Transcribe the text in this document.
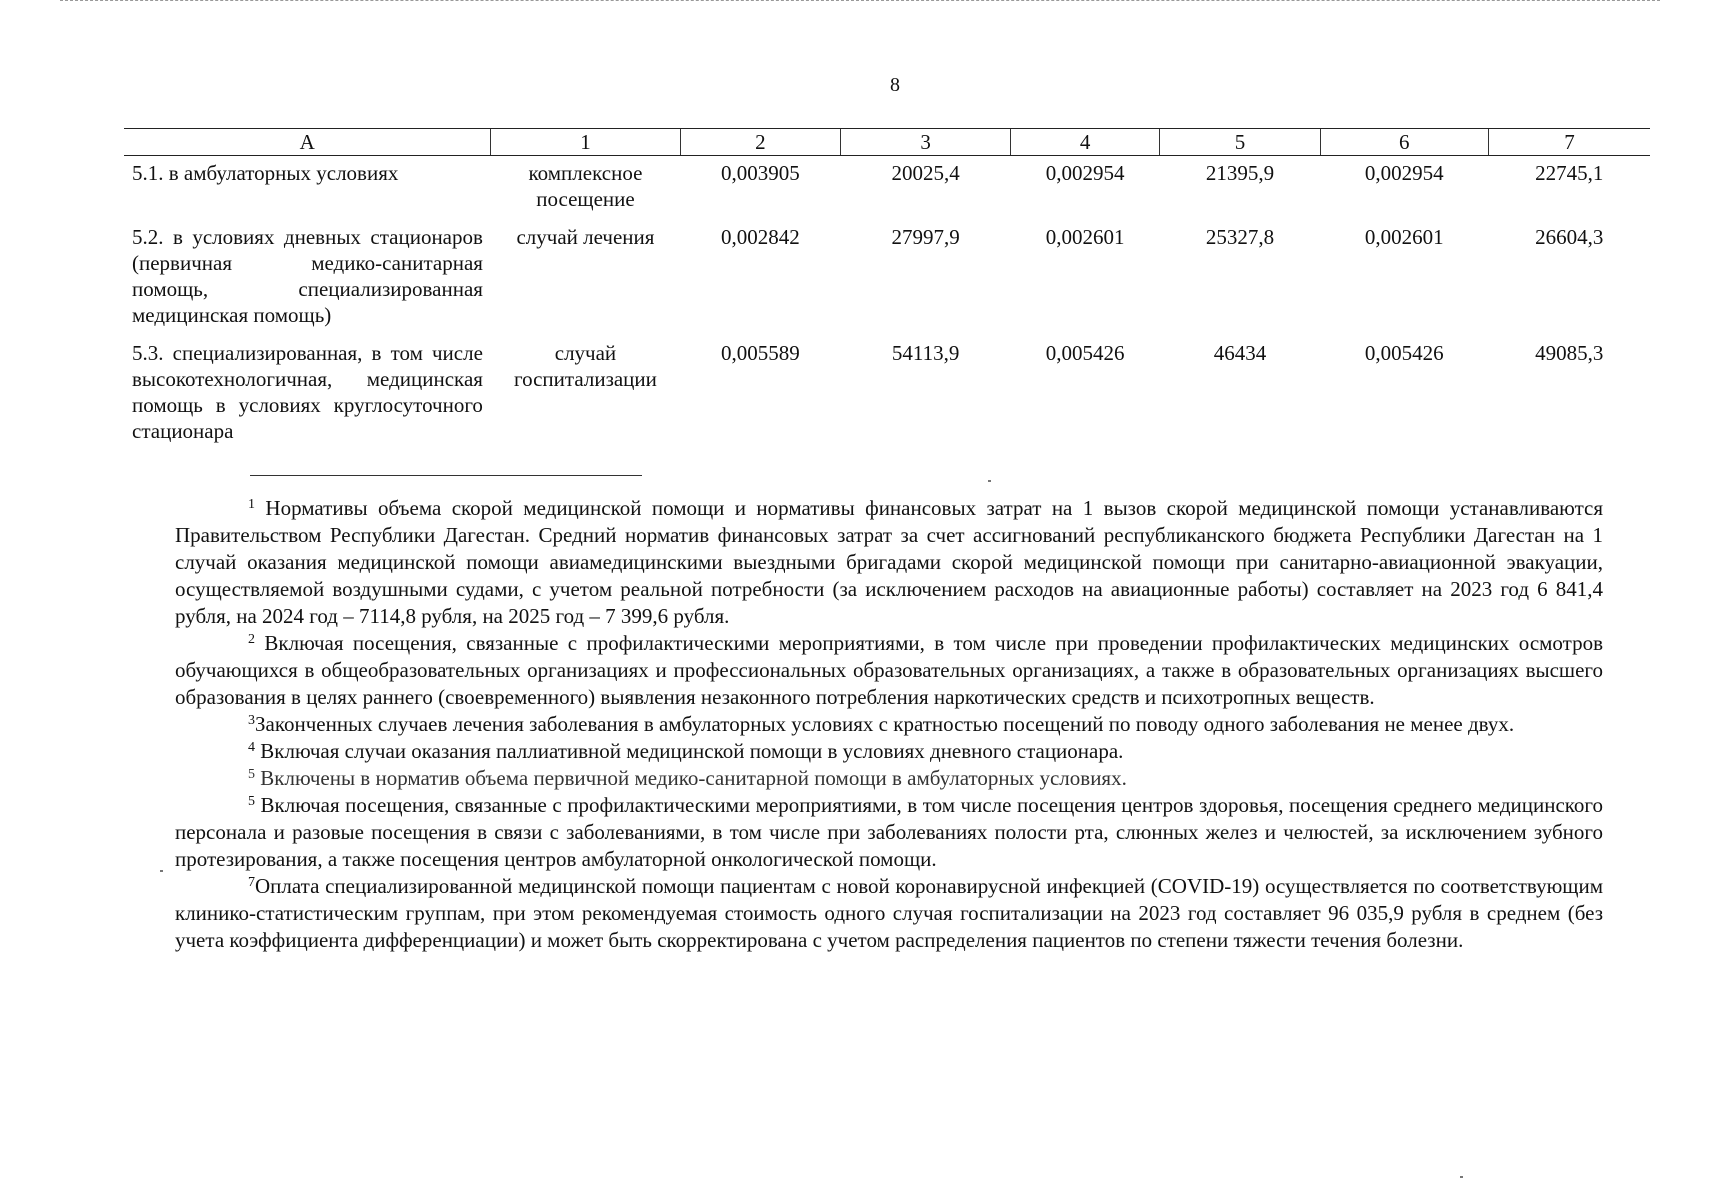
8
А	1	2	3	4	5	6	7
5.1. в амбулаторных условиях	комплексное посещение	0,003905	20025,4	0,002954	21395,9	0,002954	22745,1
5.2. в условиях дневных стационаров (первичная медико-санитарная помощь, специализированная медицинская помощь)	случай лечения	0,002842	27997,9	0,002601	25327,8	0,002601	26604,3
5.3. специализированная, в том числе высокотехнологичная, медицинская помощь в условиях круглосуточного стационара	случай госпитализации	0,005589	54113,9	0,005426	46434	0,005426	49085,3

$^1$ Нормативы объема скорой медицинской помощи и нормативы финансовых затрат на 1 вызов скорой медицинской помощи устанавливаются Правительством Республики Дагестан. Средний норматив финансовых затрат за счет ассигнований республиканского бюджета Республики Дагестан на 1 случай оказания медицинской помощи авиамедицинскими выездными бригадами скорой медицинской помощи при санитарно-авиационной эвакуации, осуществляемой воздушными судами, с учетом реальной потребности (за исключением расходов на авиационные работы) составляет на 2023 год 6 841,4 рубля, на 2024 год – 7114,8 рубля, на 2025 год – 7 399,6 рубля.

$^2$ Включая посещения, связанные с профилактическими мероприятиями, в том числе при проведении профилактических медицинских осмотров обучающихся в общеобразовательных организациях и профессиональных образовательных организациях, а также в образовательных организациях высшего образования в целях раннего (своевременного) выявления незаконного потребления наркотических средств и психотропных веществ.

$^3$Законченных случаев лечения заболевания в амбулаторных условиях с кратностью посещений по поводу одного заболевания не менее двух.

$^4$ Включая случаи оказания паллиативной медицинской помощи в условиях дневного стационара.

$^5$ Включены в норматив объема первичной медико-санитарной помощи в амбулаторных условиях.

$^5$ Включая посещения, связанные с профилактическими мероприятиями, в том числе посещения центров здоровья, посещения среднего медицинского персонала и разовые посещения в связи с заболеваниями, в том числе при заболеваниях полости рта, слюнных желез и челюстей, за исключением зубного протезирования, а также посещения центров амбулаторной онкологической помощи.

$^7$Оплата специализированной медицинской помощи пациентам с новой коронавирусной инфекцией (COVID-19) осуществляется по соответствующим клинико-статистическим группам, при этом рекомендуемая стоимость одного случая госпитализации на 2023 год составляет 96 035,9 рубля в среднем (без учета коэффициента дифференциации) и может быть скорректирована с учетом распределения пациентов по степени тяжести течения болезни.
